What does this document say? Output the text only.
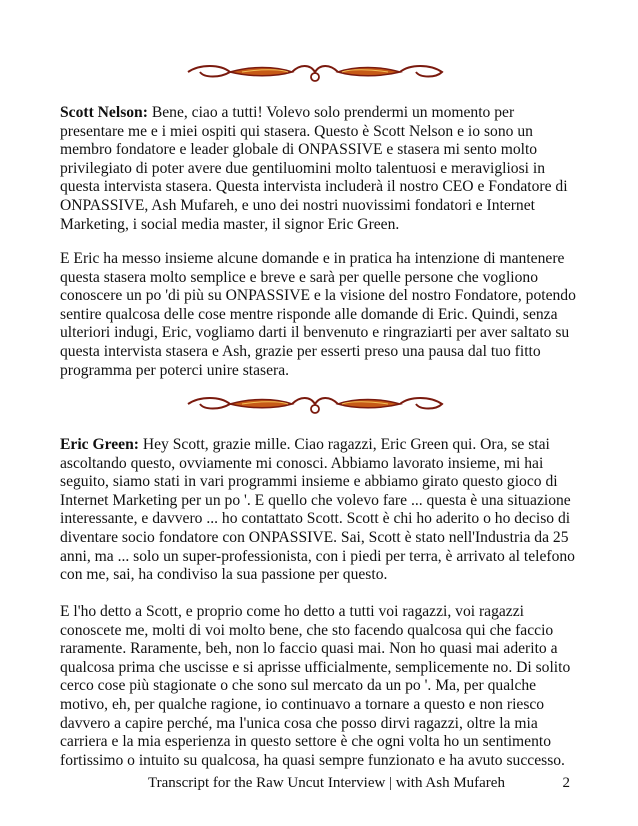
Scott Nelson: Bene, ciao a tutti! Volevo solo prendermi un momento per presentare me e i miei ospiti qui stasera. Questo è Scott Nelson e io sono un membro fondatore e leader globale di ONPASSIVE e stasera mi sento molto privilegiato di poter avere due gentiluomini molto talentuosi e meravigliosi in questa intervista stasera. Questa intervista includerà il nostro CEO e Fondatore di ONPASSIVE, Ash Mufareh, e uno dei nostri nuovissimi fondatori e Internet Marketing, i social media master, il signor Eric Green.

E Eric ha messo insieme alcune domande e in pratica ha intenzione di mantenere questa stasera molto semplice e breve e sarà per quelle persone che vogliono conoscere un po 'di più su ONPASSIVE e la visione del nostro Fondatore, potendo sentire qualcosa delle cose mentre risponde alle domande di Eric. Quindi, senza ulteriori indugi, Eric, vogliamo darti il benvenuto e ringraziarti per aver saltato su questa intervista stasera e Ash, grazie per esserti preso una pausa dal tuo fitto programma per poterci unire stasera.

Eric Green: Hey Scott, grazie mille. Ciao ragazzi, Eric Green qui. Ora, se stai ascoltando questo, ovviamente mi conosci. Abbiamo lavorato insieme, mi hai seguito, siamo stati in vari programmi insieme e abbiamo girato questo gioco di Internet Marketing per un po '. E quello che volevo fare ... questa è una situazione interessante, e davvero ... ho contattato Scott. Scott è chi ho aderito o ho deciso di diventare socio fondatore con ONPASSIVE. Sai, Scott è stato nell'Industria da 25 anni, ma ... solo un super-professionista, con i piedi per terra, è arrivato al telefono con me, sai, ha condiviso la sua passione per questo.

E l'ho detto a Scott, e proprio come ho detto a tutti voi ragazzi, voi ragazzi conoscete me, molti di voi molto bene, che sto facendo qualcosa qui che faccio raramente. Raramente, beh, non lo faccio quasi mai. Non ho quasi mai aderito a qualcosa prima che uscisse e si aprisse ufficialmente, semplicemente no. Di solito cerco cose più stagionate o che sono sul mercato da un po '. Ma, per qualche motivo, eh, per qualche ragione, io continuavo a tornare a questo e non riesco davvero a capire perché, ma l'unica cosa che posso dirvi ragazzi, oltre la mia carriera e la mia esperienza in questo settore è che ogni volta ho un sentimento fortissimo o intuito su qualcosa, ha quasi sempre funzionato e ha avuto successo.

Transcript for the Raw Uncut Interview | with Ash Mufareh	2
